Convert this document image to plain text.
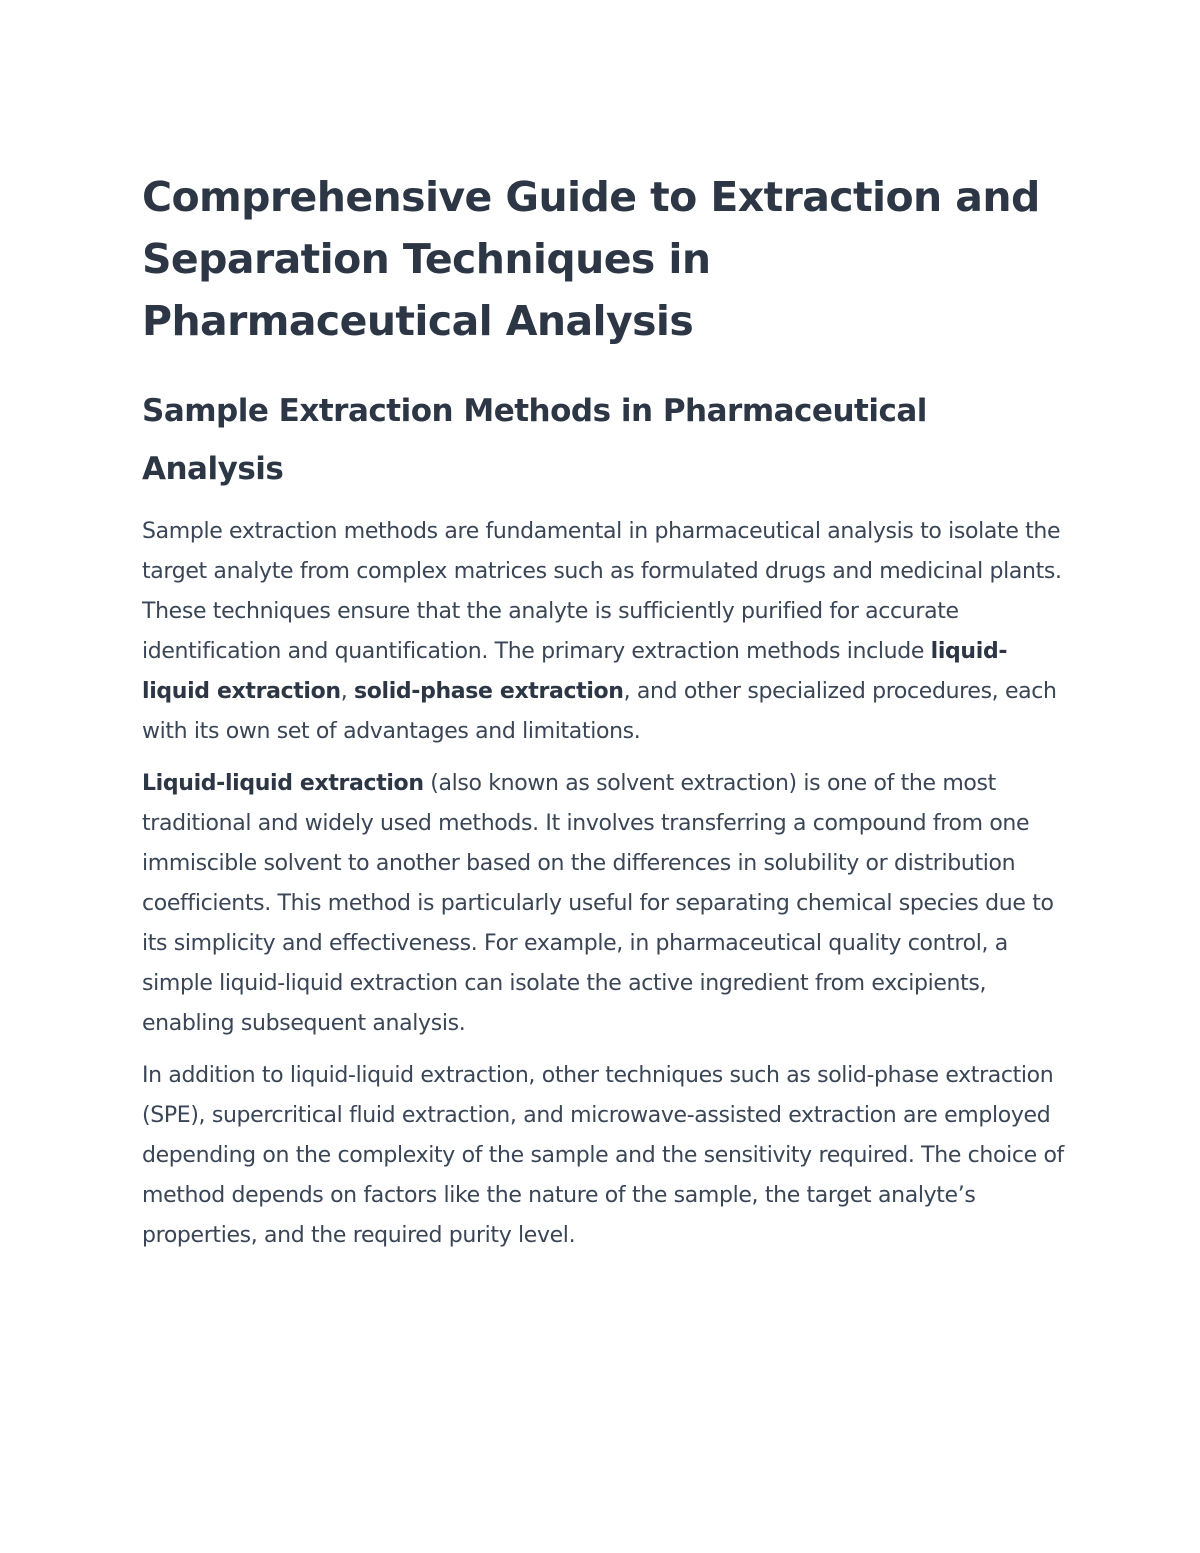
Comprehensive Guide to Extraction and Separation Techniques in Pharmaceutical Analysis
Sample Extraction Methods in Pharmaceutical Analysis

Sample extraction methods are fundamental in pharmaceutical analysis to isolate the target analyte from complex matrices such as formulated drugs and medicinal plants. These techniques ensure that the analyte is sufficiently purified for accurate identification and quantification. The primary extraction methods include liquid-liquid extraction, solid-phase extraction, and other specialized procedures, each with its own set of advantages and limitations.

Liquid-liquid extraction (also known as solvent extraction) is one of the most traditional and widely used methods. It involves transferring a compound from one immiscible solvent to another based on the differences in solubility or distribution coefficients. This method is particularly useful for separating chemical species due to its simplicity and effectiveness. For example, in pharmaceutical quality control, a simple liquid-liquid extraction can isolate the active ingredient from excipients, enabling subsequent analysis.

In addition to liquid-liquid extraction, other techniques such as solid-phase extraction (SPE), supercritical fluid extraction, and microwave-assisted extraction are employed depending on the complexity of the sample and the sensitivity required. The choice of method depends on factors like the nature of the sample, the target analyte’s properties, and the required purity level.
